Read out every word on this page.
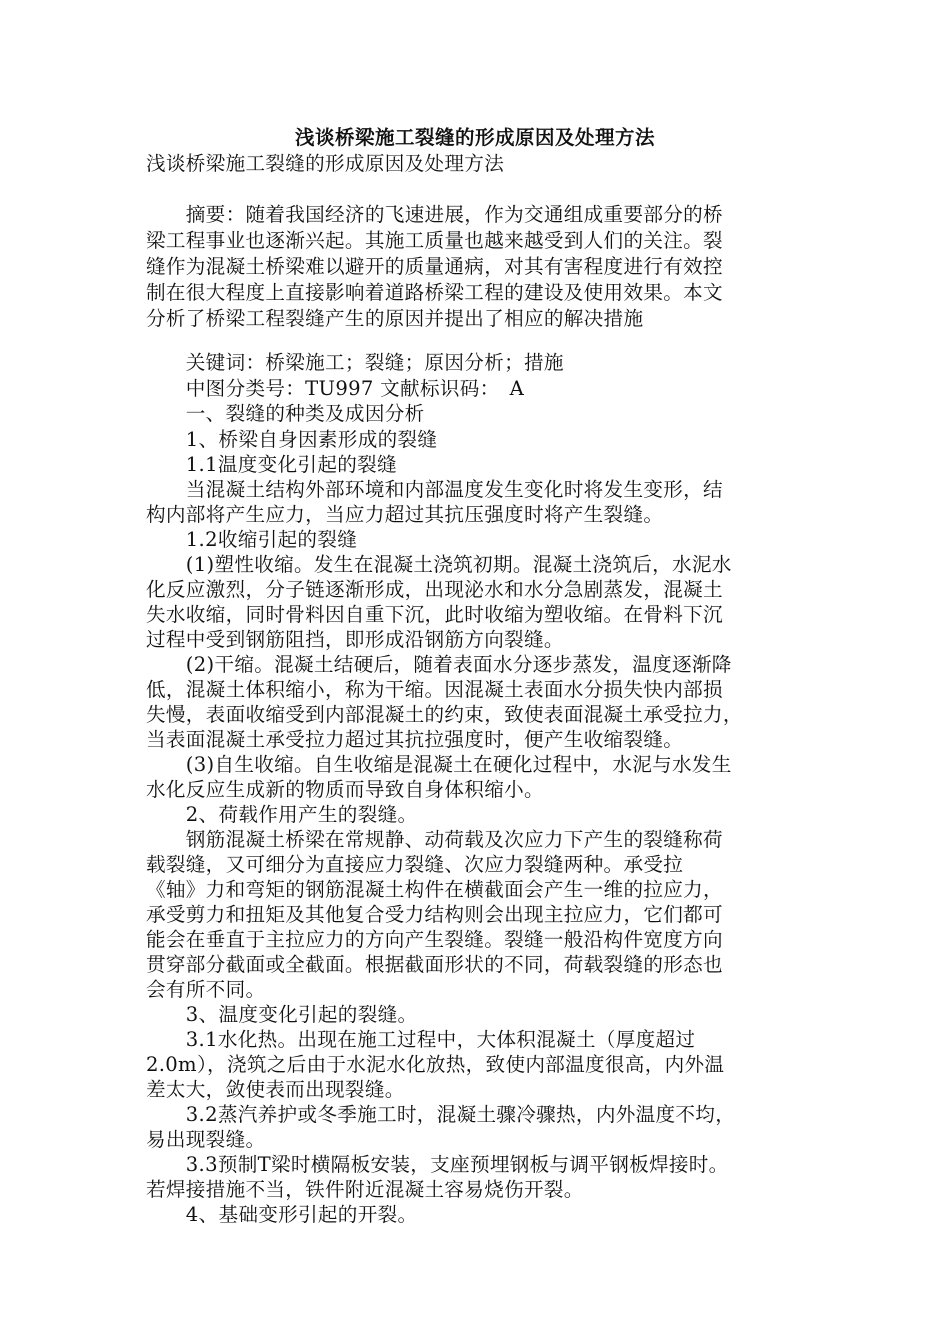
浅谈桥梁施工裂缝的形成原因及处理方法
浅谈桥梁施工裂缝的形成原因及处理方法
　　摘要：随着我国经济的飞速进展，作为交通组成重要部分的桥
梁工程事业也逐渐兴起。其施工质量也越来越受到人们的关注。裂
缝作为混凝土桥梁难以避开的质量通病，对其有害程度进行有效控
制在很大程度上直接影响着道路桥梁工程的建设及使用效果。本文
分析了桥梁工程裂缝产生的原因并提出了相应的解决措施
　　关键词：桥梁施工；裂缝；原因分析；措施
　　中图分类号：TU997 文献标识码：　A
　　一、裂缝的种类及成因分析
　　1、桥梁自身因素形成的裂缝
　　1.1温度变化引起的裂缝
　　当混凝土结构外部环境和内部温度发生变化时将发生变形，结
构内部将产生应力，当应力超过其抗压强度时将产生裂缝。
　　1.2收缩引起的裂缝
　　(1)塑性收缩。发生在混凝土浇筑初期。混凝土浇筑后，水泥水
化反应激烈，分子链逐渐形成，出现泌水和水分急剧蒸发，混凝土
失水收缩，同时骨料因自重下沉，此时收缩为塑收缩。在骨料下沉
过程中受到钢筋阻挡，即形成沿钢筋方向裂缝。
　　(2)干缩。混凝土结硬后，随着表面水分逐步蒸发，温度逐渐降
低，混凝土体积缩小，称为干缩。因混凝土表面水分损失快内部损
失慢，表面收缩受到内部混凝土的约束，致使表面混凝土承受拉力，
当表面混凝土承受拉力超过其抗拉强度时，便产生收缩裂缝。
　　(3)自生收缩。自生收缩是混凝土在硬化过程中，水泥与水发生
水化反应生成新的物质而导致自身体积缩小。
　　2、荷载作用产生的裂缝。
　　钢筋混凝土桥梁在常规静、动荷载及次应力下产生的裂缝称荷
载裂缝，又可细分为直接应力裂缝、次应力裂缝两种。承受拉
《轴》力和弯矩的钢筋混凝土构件在横截面会产生一维的拉应力，
承受剪力和扭矩及其他复合受力结构则会出现主拉应力，它们都可
能会在垂直于主拉应力的方向产生裂缝。裂缝一般沿构件宽度方向
贯穿部分截面或全截面。根据截面形状的不同，荷载裂缝的形态也
会有所不同。
　　3、温度变化引起的裂缝。
　　3.1水化热。出现在施工过程中，大体积混凝土（厚度超过
2.0m），浇筑之后由于水泥水化放热，致使内部温度很高，内外温
差太大，敛使表而出现裂缝。
　　3.2蒸汽养护或冬季施工时，混凝土骤冷骤热，内外温度不均，
易出现裂缝。
　　3.3预制T梁时横隔板安装，支座预埋钢板与调平钢板焊接时。
若焊接措施不当，铁件附近混凝土容易烧伤开裂。
　　4、基础变形引起的开裂。
